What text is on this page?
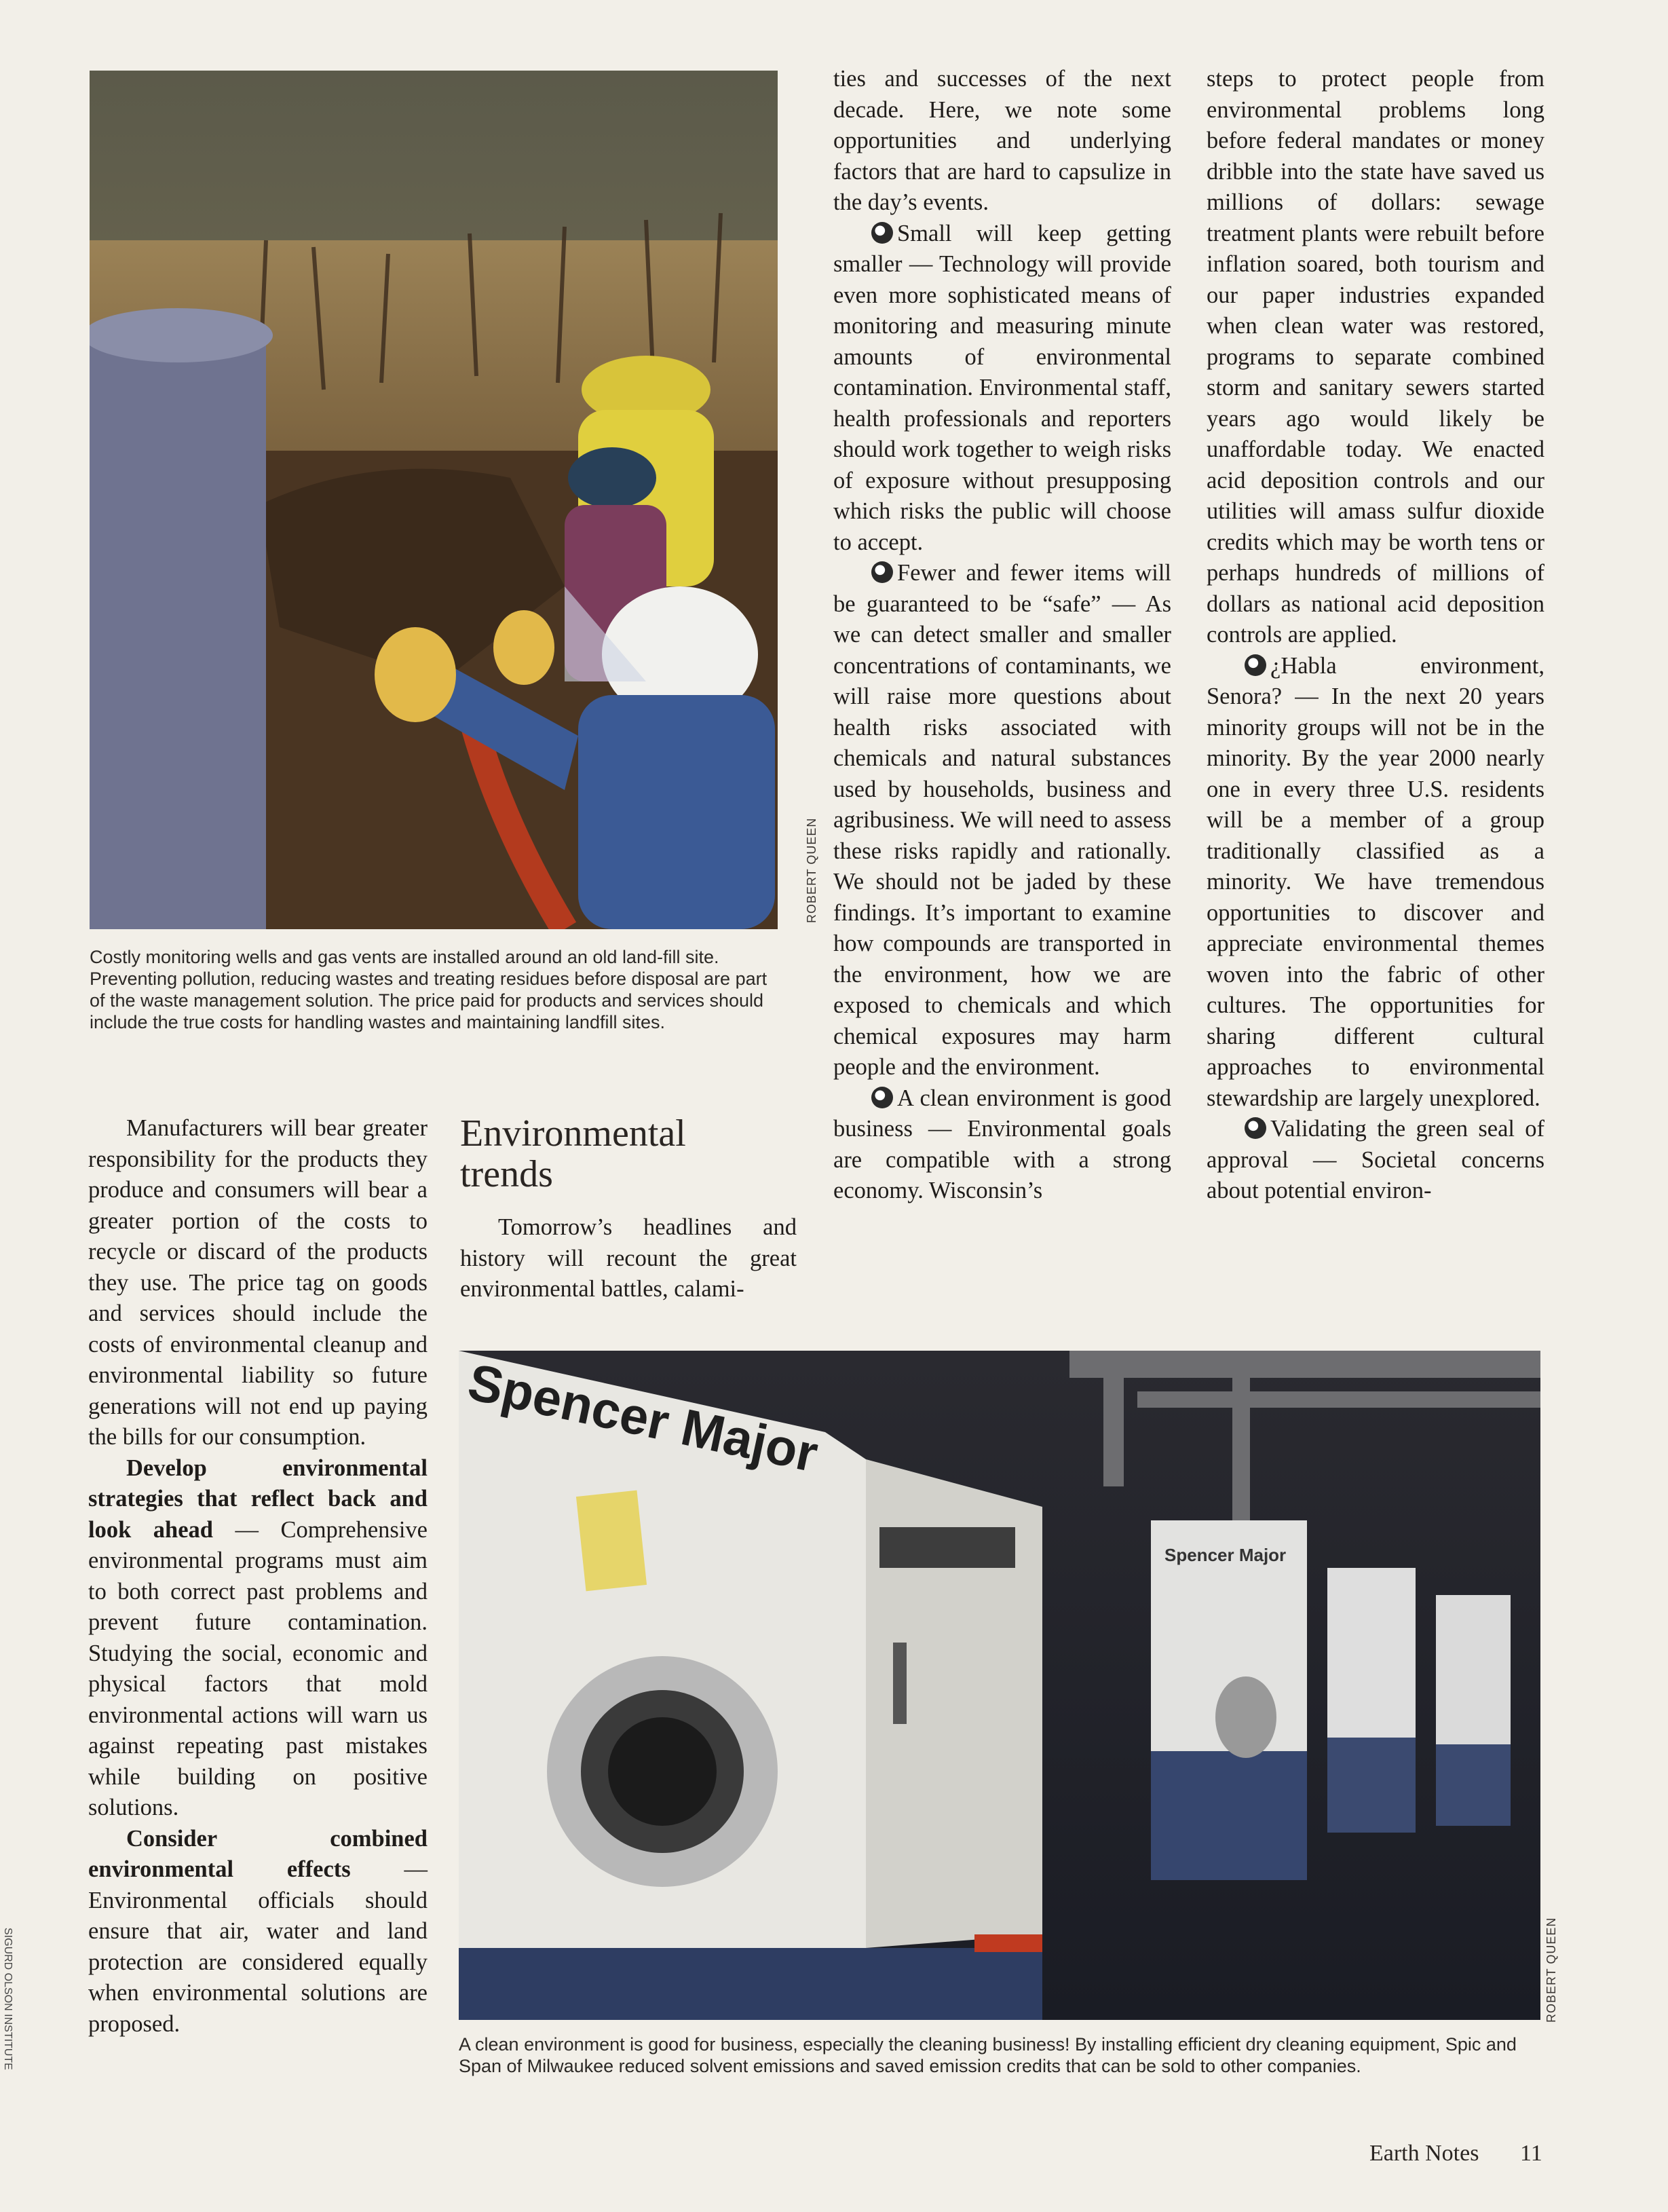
ROBERT QUEEN
Costly monitoring wells and gas vents are installed around an old land-fill site. Preventing pollution, reducing wastes and treating residues before disposal are part of the waste management solution. The price paid for products and services should include the true costs for handling wastes and maintaining landfill sites.

Manufacturers will bear greater responsibility for the products they produce and consumers will bear a greater portion of the costs to recycle or discard of the products they use. The price tag on goods and services should include the costs of environmental cleanup and environmental liability so future generations will not end up paying the bills for our consumption.

Develop environmental strategies that reflect back and look ahead — Comprehensive environmental programs must aim to both correct past problems and prevent future contamination. Studying the social, economic and physical factors that mold environmental actions will warn us against repeating past mistakes while building on positive solutions.

Consider combined environmental effects — Environmental officials should ensure that air, water and land protection are considered equally when environmental solutions are proposed.

Environmental trends

Tomorrow’s headlines and history will recount the great environmental battles, calami-

ties and successes of the next decade. Here, we note some opportunities and underlying factors that are hard to capsulize in the day’s events.

Small will keep getting smaller — Technology will provide even more sophisticated means of monitoring and measuring minute amounts of environmental contamination. Environmental staff, health professionals and reporters should work together to weigh risks of exposure without presupposing which risks the public will choose to accept.

Fewer and fewer items will be guaranteed to be “safe” — As we can detect smaller and smaller concentrations of contaminants, we will raise more questions about health risks associated with chemicals and natural substances used by households, business and agribusiness. We will need to assess these risks rapidly and rationally. We should not be jaded by these findings. It’s important to examine how compounds are transported in the environment, how we are exposed to chemicals and which chemical exposures may harm people and the environment.

A clean environment is good business — Environmental goals are compatible with a strong economy. Wisconsin’s

steps to protect people from environmental problems long before federal mandates or money dribble into the state have saved us millions of dollars: sewage treatment plants were rebuilt before inflation soared, both tourism and our paper industries expanded when clean water was restored, programs to separate combined storm and sanitary sewers started years ago would likely be unaffordable today. We enacted acid deposition controls and our utilities will amass sulfur dioxide credits which may be worth tens or perhaps hundreds of millions of dollars as national acid deposition controls are applied.

¿Habla environment, Senora? — In the next 20 years minority groups will not be in the minority. By the year 2000 nearly one in every three U.S. residents will be a member of a group traditionally classified as a minority. We have tremendous opportunities to discover and appreciate environmental themes woven into the fabric of other cultures. The opportunities for sharing different cultural approaches to environmental stewardship are largely unexplored.

Validating the green seal of approval — Societal concerns about potential environ-

Spencer Major
Spencer Major
ROBERT QUEEN
A clean environment is good for business, especially the cleaning business! By installing efficient dry cleaning equipment, Spic and Span of Milwaukee reduced solvent emissions and saved emission credits that can be sold to other companies.
Earth Notes 11
SIGURD OLSON INSTITUTE
